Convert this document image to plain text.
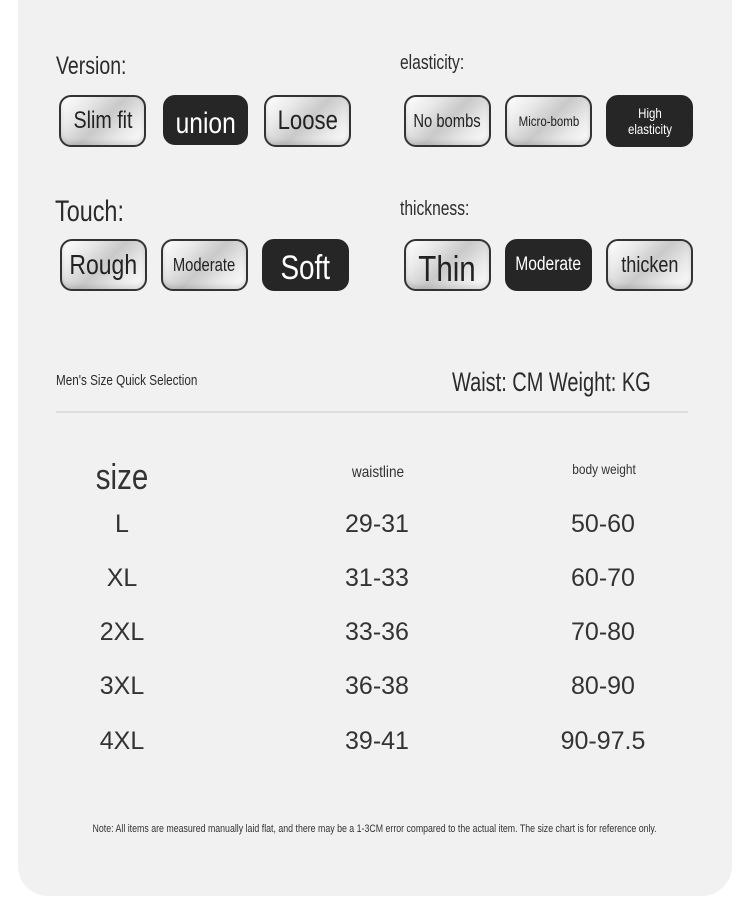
Version:
Slim fit union Loose
elasticity:
No bombs	Micro-bomb
High elasticity
Touch:
Rough Moderate Soft
thickness:
Thin Moderate thicken
Men's Size Quick Selection	Waist: CM Weight: KG
size	waistline	body weight
L	29-31	50-60
XL	31-33	60-70
2XL	33-36	70-80
3XL	36-38	80-90
4XL	39-41	90-97.5
Note: All items are measured manually laid flat, and there may be a 1-3CM error compared to the actual item. The size chart is for reference only.
